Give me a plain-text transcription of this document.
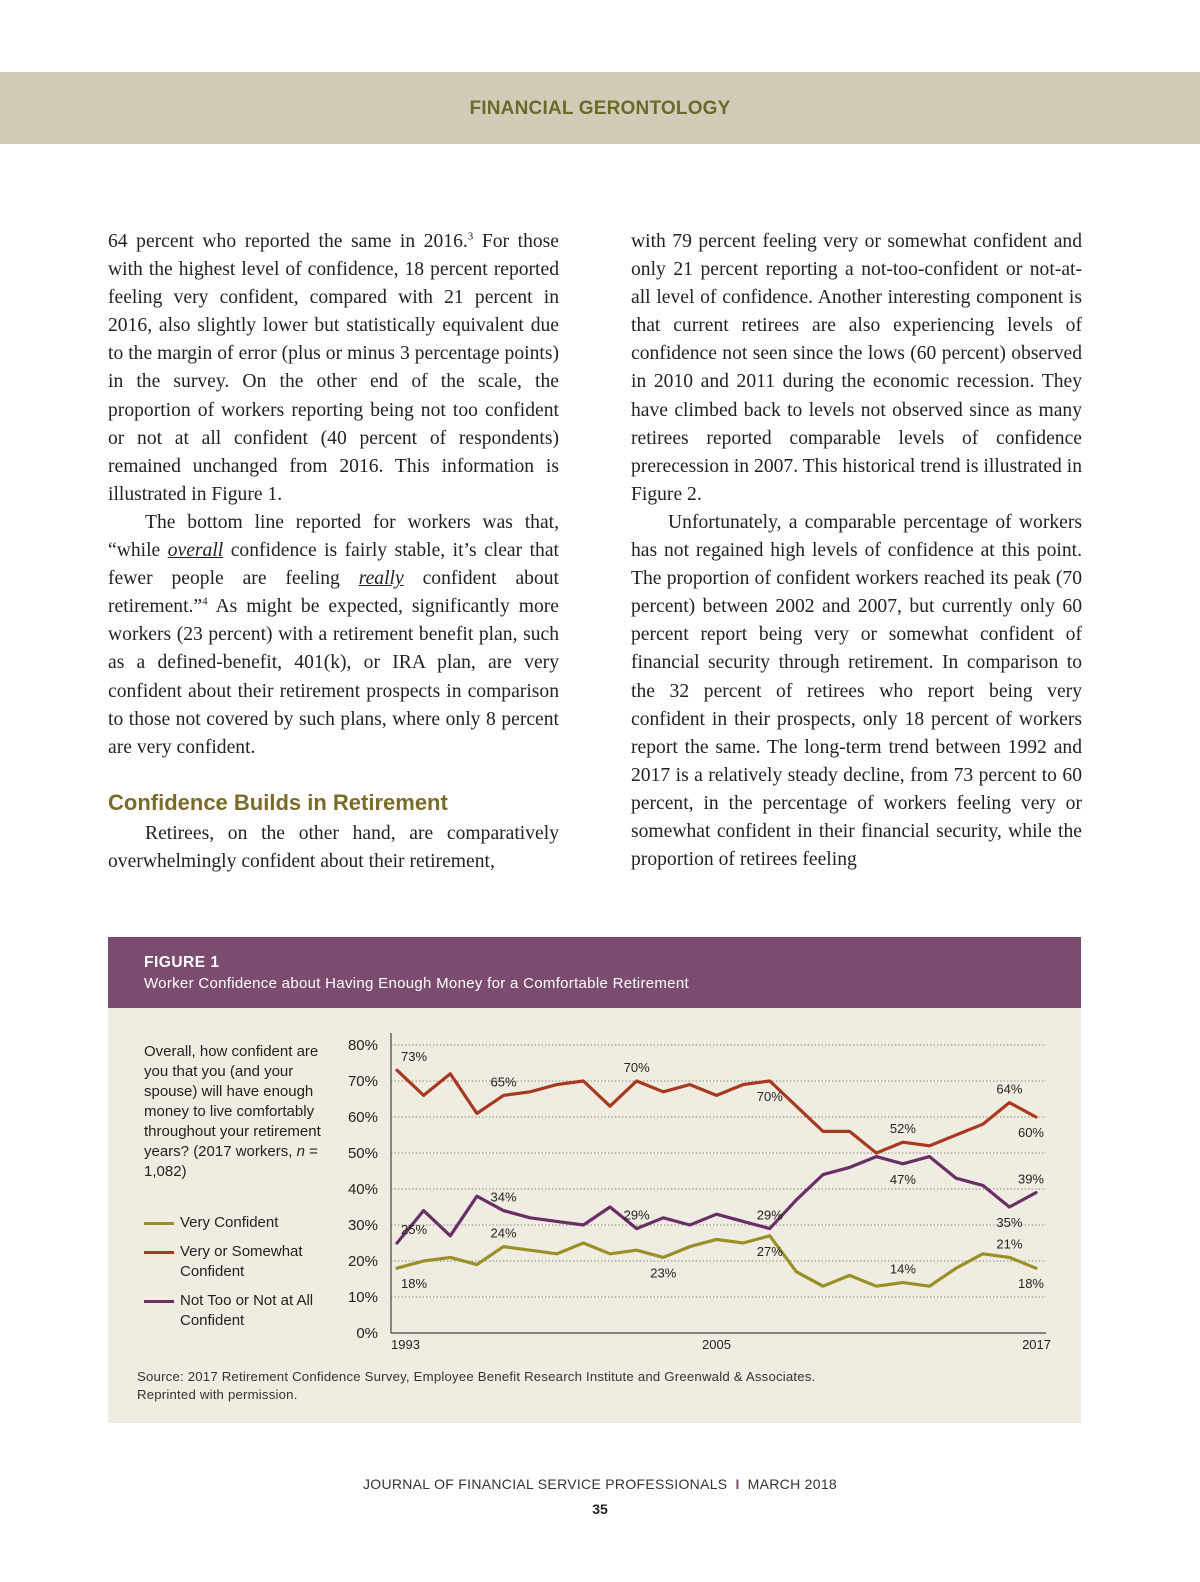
FINANCIAL GERONTOLOGY

64 percent who reported the same in 2016.$^3$ For those with the highest level of confidence, 18 percent reported feeling very confident, compared with 21 percent in 2016, also slightly lower but statistically equivalent due to the margin of error (plus or minus 3 percentage points) in the survey. On the other end of the scale, the proportion of workers reporting being not too confident or not at all confident (40 percent of respondents) remained unchanged from 2016. This information is illustrated in Figure 1.

The bottom line reported for workers was that, “while overall confidence is fairly stable, it’s clear that fewer people are feeling really confident about retirement.”$^4$ As might be expected, significantly more workers (23 percent) with a retirement benefit plan, such as a defined-benefit, 401(k), or IRA plan, are very confident about their retirement prospects in comparison to those not covered by such plans, where only 8 percent are very confident.

Confidence Builds in Retirement

Retirees, on the other hand, are comparatively overwhelmingly confident about their retirement,

with 79 percent feeling very or somewhat confident and only 21 percent reporting a not-too-confident or not-at-all level of confidence. Another interesting component is that current retirees are also experiencing levels of confidence not seen since the lows (60 percent) observed in 2010 and 2011 during the economic recession. They have climbed back to levels not observed since as many retirees reported comparable levels of confidence prerecession in 2007. This historical trend is illustrated in Figure 2.

Unfortunately, a comparable percentage of workers has not regained high levels of confidence at this point. The proportion of confident workers reached its peak (70 percent) between 2002 and 2007, but currently only 60 percent report being very or somewhat confident of financial security through retirement. In comparison to the 32 percent of retirees who report being very confident in their prospects, only 18 percent of workers report the same. The long-term trend between 1992 and 2017 is a relatively steady decline, from 73 percent to 60 percent, in the percentage of workers feeling very or somewhat confident in their financial security, while the proportion of retirees feeling

FIGURE 1
Worker Confidence about Having Enough Money for a Comfortable Retirement
Overall, how confident are you that you (and your spouse) will have enough money to live comfortably throughout your retirement years? (2017 workers, n = 1,082)
Very Confident
Very or Somewhat Confident
Not Too or Not at All Confident
0%
10%
20%
30%
40%
50%
60%
70%
80%
1993	2005	2017
18%
24%
23%
27%
14%
18%
73%
65%
70%
70%
52%
64%
60%
25%
34%
29%	29%
47%
35%
39%
21%
Source: 2017 Retirement Confidence Survey, Employee Benefit Research Institute and Greenwald & Associates.
Reprinted with permission.
JOURNAL OF FINANCIAL SERVICE PROFESSIONALS I MARCH 2018
35
